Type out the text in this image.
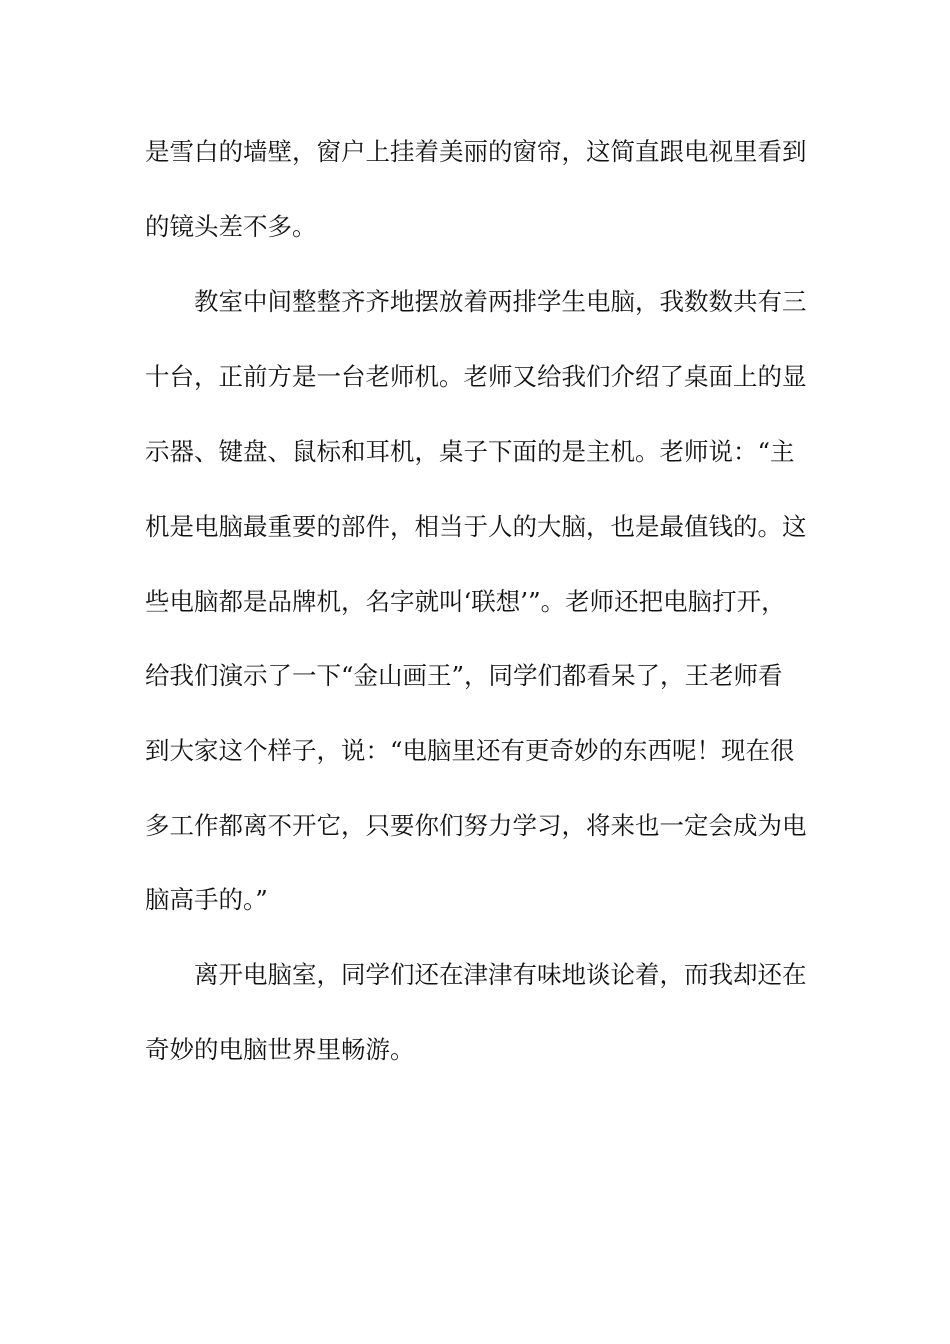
是雪白的墙壁，窗户上挂着美丽的窗帘，这简直跟电视里看到
的镜头差不多。
教室中间整整齐齐地摆放着两排学生电脑，我数数共有三
十台，正前方是一台老师机。老师又给我们介绍了桌面上的显
示器、键盘、鼠标和耳机，桌子下面的是主机。老师说：“主
机是电脑最重要的部件，相当于人的大脑，也是最值钱的。这
些电脑都是品牌机，名字就叫‘联想’”。老师还把电脑打开，
给我们演示了一下“金山画王”，同学们都看呆了，王老师看
到大家这个样子，说：“电脑里还有更奇妙的东西呢！现在很
多工作都离不开它，只要你们努力学习，将来也一定会成为电
脑高手的。”
离开电脑室，同学们还在津津有味地谈论着，而我却还在
奇妙的电脑世界里畅游。
